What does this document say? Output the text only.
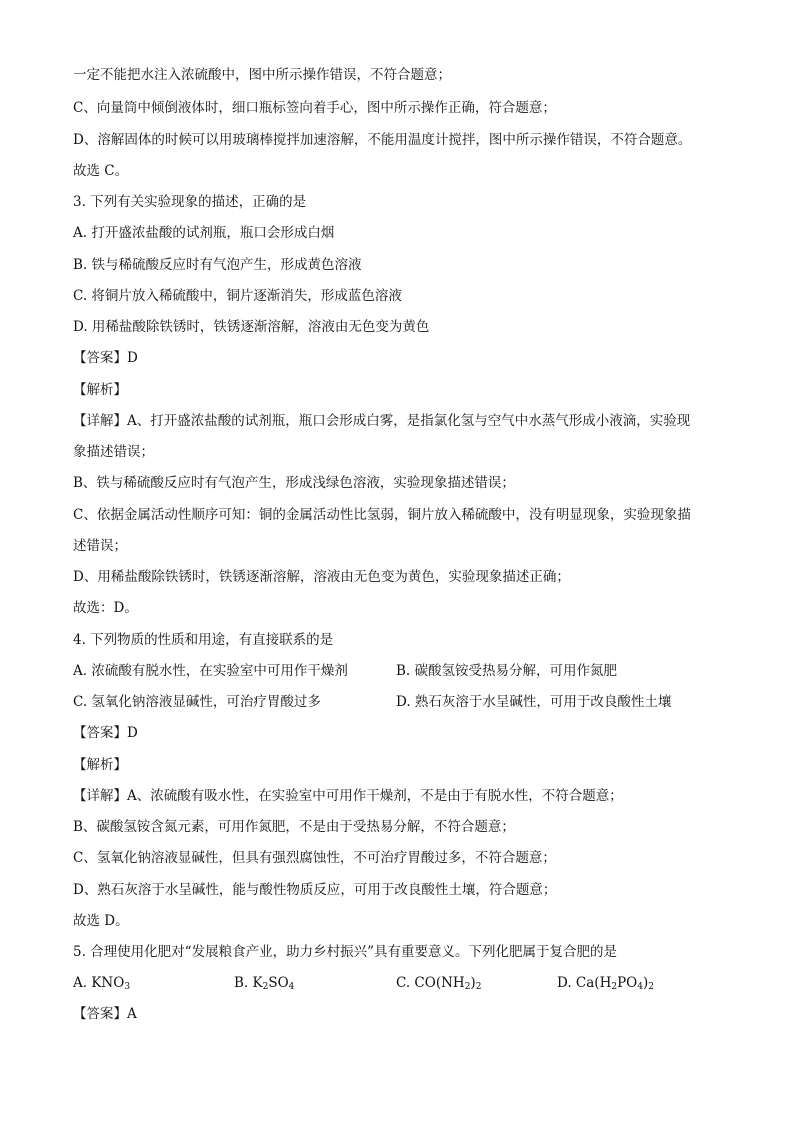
一定不能把水注入浓硫酸中，图中所示操作错误，不符合题意；
C、向量筒中倾倒液体时，细口瓶标签向着手心，图中所示操作正确，符合题意；
D、溶解固体的时候可以用玻璃棒搅拌加速溶解，不能用温度计搅拌，图中所示操作错误，不符合题意。
故选 C。
3. 下列有关实验现象的描述，正确的是
A. 打开盛浓盐酸的试剂瓶，瓶口会形成白烟
B. 铁与稀硫酸反应时有气泡产生，形成黄色溶液
C. 将铜片放入稀硫酸中，铜片逐渐消失，形成蓝色溶液
D. 用稀盐酸除铁锈时，铁锈逐渐溶解，溶液由无色变为黄色
【答案】D
【解析】
【详解】A、打开盛浓盐酸的试剂瓶，瓶口会形成白雾，是指氯化氢与空气中水蒸气形成小液滴，实验现
象描述错误；
B、铁与稀硫酸反应时有气泡产生，形成浅绿色溶液，实验现象描述错误；
C、依据金属活动性顺序可知：铜的金属活动性比氢弱，铜片放入稀硫酸中，没有明显现象，实验现象描
述错误；
D、用稀盐酸除铁锈时，铁锈逐渐溶解，溶液由无色变为黄色，实验现象描述正确；
故选：D。
4. 下列物质的性质和用途，有直接联系的是
A. 浓硫酸有脱水性，在实验室中可用作干燥剂	B. 碳酸氢铵受热易分解，可用作氮肥
C. 氢氧化钠溶液显碱性，可治疗胃酸过多	D. 熟石灰溶于水呈碱性，可用于改良酸性土壤
【答案】D
【解析】
【详解】A、浓硫酸有吸水性，在实验室中可用作干燥剂，不是由于有脱水性，不符合题意；
B、碳酸氢铵含氮元素，可用作氮肥，不是由于受热易分解，不符合题意；
C、氢氧化钠溶液显碱性，但具有强烈腐蚀性，不可治疗胃酸过多，不符合题意；
D、熟石灰溶于水呈碱性，能与酸性物质反应，可用于改良酸性土壤，符合题意；
故选 D。
5. 合理使用化肥对“发展粮食产业，助力乡村振兴”具有重要意义。下列化肥属于复合肥的是
A. $KNO_3$	B. $K_2SO_4$	C. $CO(NH_2)_2$	D. $Ca(H_2PO_4)_2$
【答案】A
